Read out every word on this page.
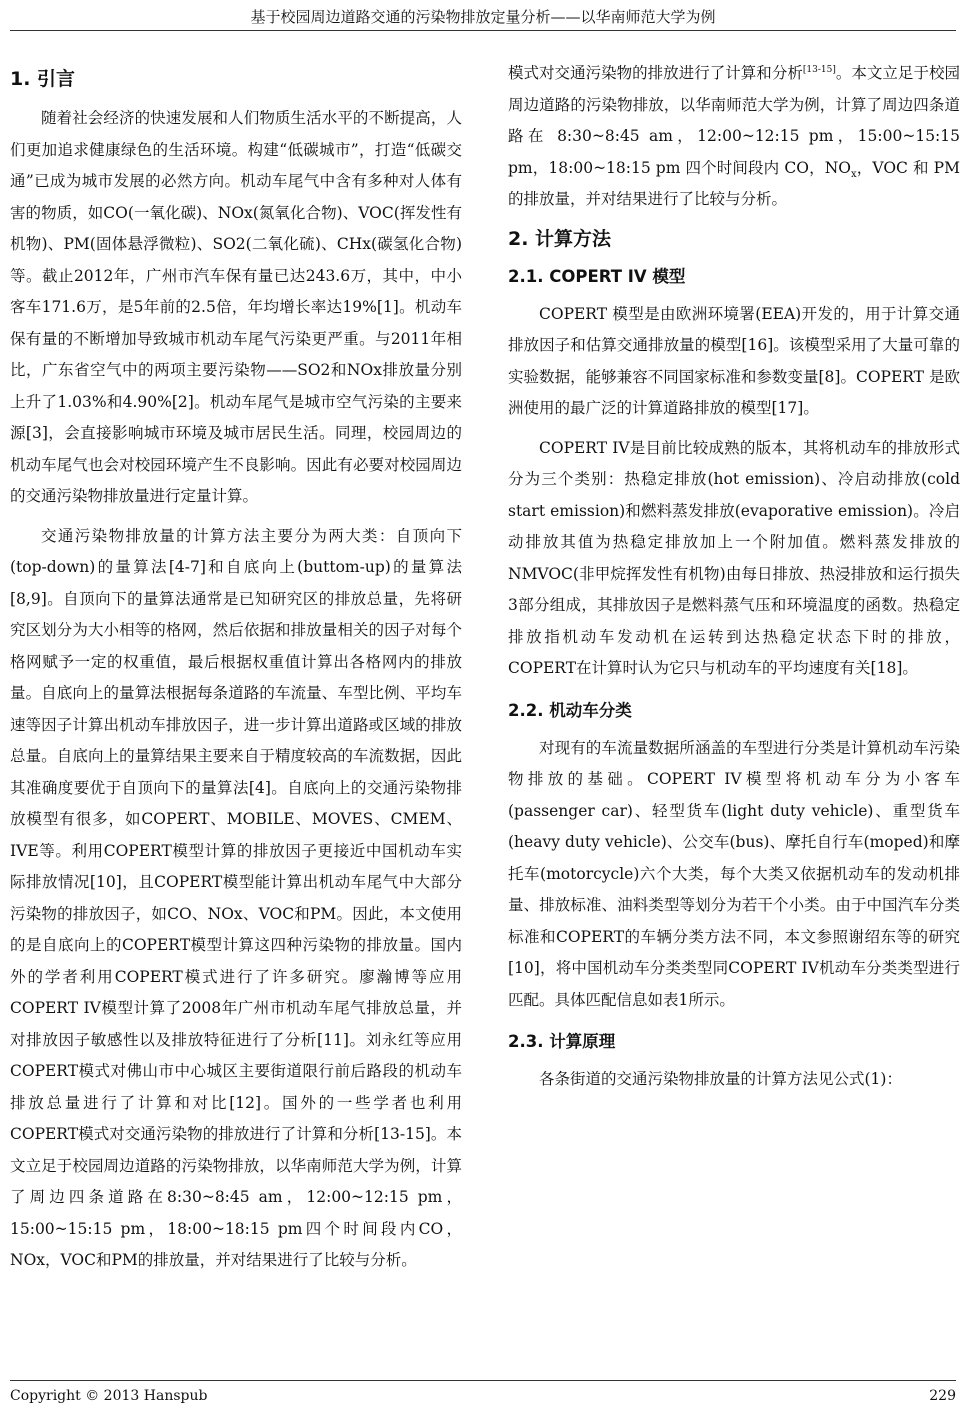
基于校园周边道路交通的污染物排放定量分析——以华南师范大学为例
1. 引言

随着社会经济的快速发展和人们物质生活水平的不断提高，人们更加追求健康绿色的生活环境。构建“低碳城市”，打造“低碳交通”已成为城市发展的必然方向。机动车尾气中含有多种对人体有害的物质，如CO(一氧化碳)、NOx(氮氧化合物)、VOC(挥发性有机物)、PM(固体悬浮微粒)、SO2(二氧化硫)、CHx(碳氢化合物)等。截止2012年，广州市汽车保有量已达243.6万，其中，中小客车171.6万，是5年前的2.5倍，年均增长率达19%[1]。机动车保有量的不断增加导致城市机动车尾气污染更严重。与2011年相比，广东省空气中的两项主要污染物——SO2和NOx排放量分别上升了1.03%和4.90%[2]。机动车尾气是城市空气污染的主要来源[3]，会直接影响城市环境及城市居民生活。同理，校园周边的机动车尾气也会对校园环境产生不良影响。因此有必要对校园周边的交通污染物排放量进行定量计算。

交通污染物排放量的计算方法主要分为两大类：自顶向下(top-down)的量算法[4-7]和自底向上(buttom-up)的量算法[8,9]。自顶向下的量算法通常是已知研究区的排放总量，先将研究区划分为大小相等的格网，然后依据和排放量相关的因子对每个格网赋予一定的权重值，最后根据权重值计算出各格网内的排放量。自底向上的量算法根据每条道路的车流量、车型比例、平均车速等因子计算出机动车排放因子，进一步计算出道路或区域的排放总量。自底向上的量算结果主要来自于精度较高的车流数据，因此其准确度要优于自顶向下的量算法[4]。自底向上的交通污染物排放模型有很多，如COPERT、MOBILE、MOVES、CMEM、IVE等。利用COPERT模型计算的排放因子更接近中国机动车实际排放情况[10]，且COPERT模型能计算出机动车尾气中大部分污染物的排放因子，如CO、NOx、VOC和PM。因此，本文使用的是自底向上的COPERT模型计算这四种污染物的排放量。国内外的学者利用COPERT模式进行了许多研究。廖瀚博等应用COPERT IV模型计算了2008年广州市机动车尾气排放总量，并对排放因子敏感性以及排放特征进行了分析[11]。刘永红等应用COPERT模式对佛山市中心城区主要街道限行前后路段的机动车排放总量进行了计算和对比[12]。国外的一些学者也利用COPERT模式对交通污染物的排放进行了计算和分析[13-15]。本文立足于校园周边道路的污染物排放，以华南师范大学为例，计算了周边四条道路在8:30~8:45 am，12:00~12:15 pm，15:00~15:15 pm，18:00~18:15 pm四个时间段内CO，NOx，VOC和PM的排放量，并对结果进行了比较与分析。

模式对交通污染物的排放进行了计算和分析[13-15]。本文立足于校园周边道路的污染物排放，以华南师范大学为例，计算了周边四条道路在 8:30~8:45 am，12:00~12:15 pm，15:00~15:15 pm，18:00~18:15 pm 四个时间段内 CO，$NO_x$，VOC 和 PM 的排放量，并对结果进行了比较与分析。

2. 计算方法
2.1. COPERT IV 模型

COPERT 模型是由欧洲环境署(EEA)开发的，用于计算交通排放因子和估算交通排放量的模型[16]。该模型采用了大量可靠的实验数据，能够兼容不同国家标准和参数变量[8]。COPERT 是欧洲使用的最广泛的计算道路排放的模型[17]。

COPERT IV是目前比较成熟的版本，其将机动车的排放形式分为三个类别：热稳定排放(hot emission)、冷启动排放(cold start emission)和燃料蒸发排放(evaporative emission)。冷启动排放其值为热稳定排放加上一个附加值。燃料蒸发排放的NMVOC(非甲烷挥发性有机物)由每日排放、热浸排放和运行损失3部分组成，其排放因子是燃料蒸气压和环境温度的函数。热稳定排放指机动车发动机在运转到达热稳定状态下时的排放，COPERT在计算时认为它只与机动车的平均速度有关[18]。

2.2. 机动车分类

对现有的车流量数据所涵盖的车型进行分类是计算机动车污染物排放的基础。COPERT IV模型将机动车分为小客车(passenger car)、轻型货车(light duty vehicle)、重型货车(heavy duty vehicle)、公交车(bus)、摩托自行车(moped)和摩托车(motorcycle)六个大类，每个大类又依据机动车的发动机排量、排放标准、油料类型等划分为若干个小类。由于中国汽车分类标准和COPERT的车辆分类方法不同，本文参照谢绍东等的研究[10]，将中国机动车分类类型同COPERT IV机动车分类类型进行匹配。具体匹配信息如表1所示。

2.3. 计算原理

各条街道的交通污染物排放量的计算方法见公式(1)：

Copyright © 2013 Hanspub	229
